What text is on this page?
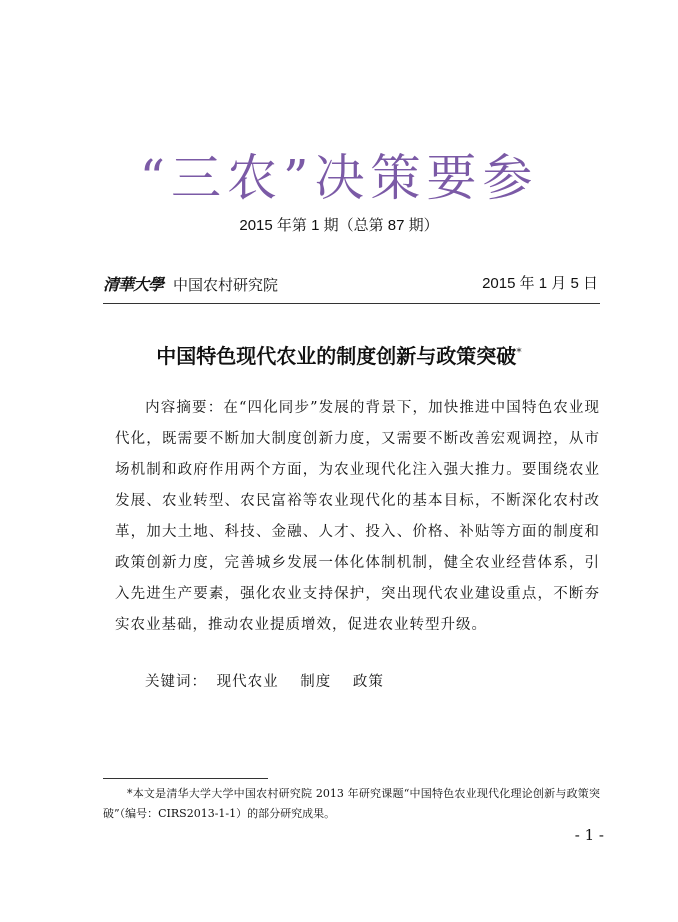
“三农”决策要参
2015 年第 1 期（总第 87 期）
清華大學 中国农村研究院	2015 年 1 月 5 日
中国特色现代农业的制度创新与政策突破*
内容摘要：在“四化同步”发展的背景下，加快推进中国特色农业现代化，既需要不断加大制度创新力度，又需要不断改善宏观调控，从市场机制和政府作用两个方面，为农业现代化注入强大推力。要围绕农业发展、农业转型、农民富裕等农业现代化的基本目标，不断深化农村改革，加大土地、科技、金融、人才、投入、价格、补贴等方面的制度和政策创新力度，完善城乡发展一体化体制机制，健全农业经营体系，引入先进生产要素，强化农业支持保护，突出现代农业建设重点，不断夯实农业基础，推动农业提质增效，促进农业转型升级。
关键词： 现代农业 制度 政策
*本文是清华大学大学中国农村研究院 2013 年研究课题“中国特色农业现代化理论创新与政策突破”（编号：CIRS2013-1-1）的部分研究成果。
- 1 -
